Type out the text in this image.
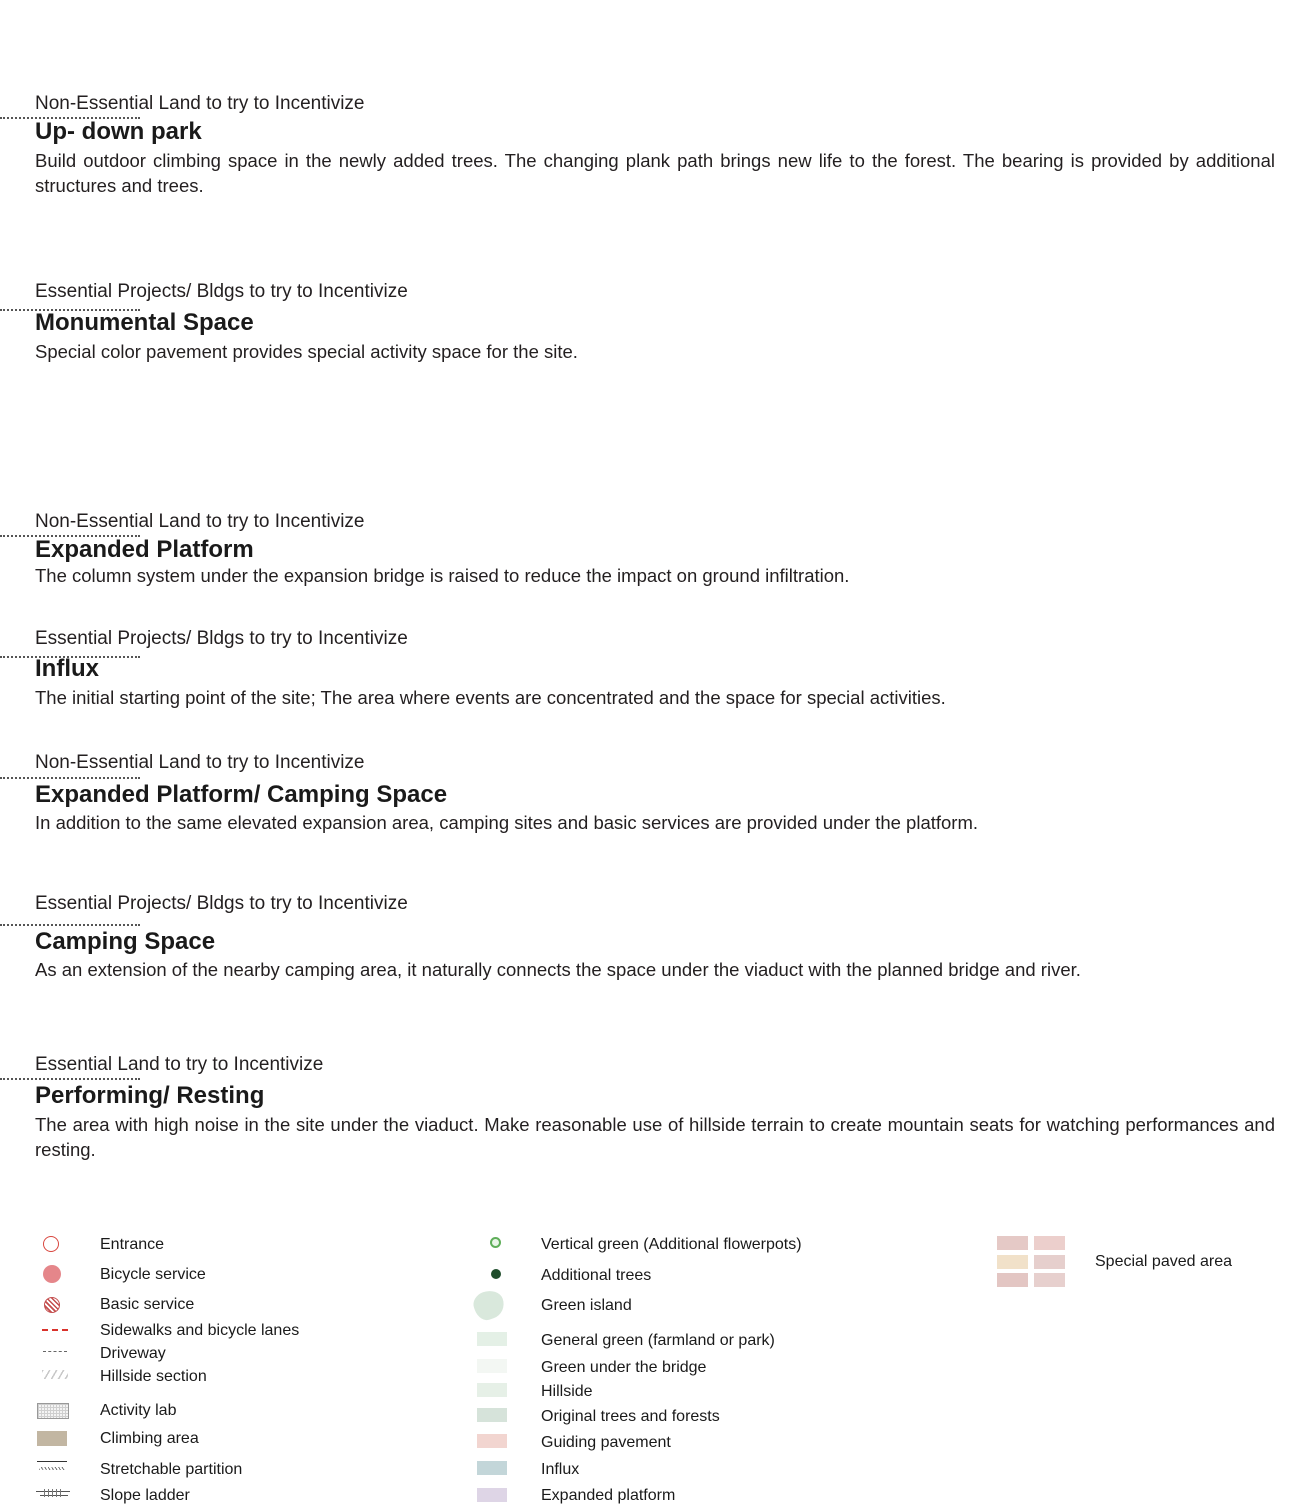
Non-Essential Land to try to Incentivize
Up- down park
Build outdoor climbing space in the newly added trees. The changing plank path brings new life to the forest. The bearing is provided by additional structures and trees.
Essential Projects/ Bldgs to try to Incentivize
Monumental Space
Special color pavement provides special activity space for the site.
Non-Essential Land to try to Incentivize
Expanded Platform
The column system under the expansion bridge is raised to reduce the impact on ground infiltration.
Essential Projects/ Bldgs to try to Incentivize
Influx
The initial starting point of the site; The area where events are concentrated and the space for special activities.
Non-Essential Land to try to Incentivize
Expanded Platform/ Camping Space
In addition to the same elevated expansion area, camping sites and basic services are provided under the platform.
Essential Projects/ Bldgs to try to Incentivize
Camping Space
As an extension of the nearby camping area, it naturally connects the space under the viaduct with the planned bridge and river.
Essential Land to try to Incentivize
Performing/ Resting
The area with high noise in the site under the viaduct. Make reasonable use of hillside terrain to create mountain seats for watching performances and resting.
Entrance
Bicycle service
Basic service
Sidewalks and bicycle lanes
Driveway
Hillside section
Activity lab
Climbing area
Stretchable partition
Slope ladder
Vertical green (Additional flowerpots)
Additional trees
Green island
General green (farmland or park)
Green under the bridge
Hillside
Original trees and forests
Guiding pavement
Influx
Expanded platform
Special paved area
